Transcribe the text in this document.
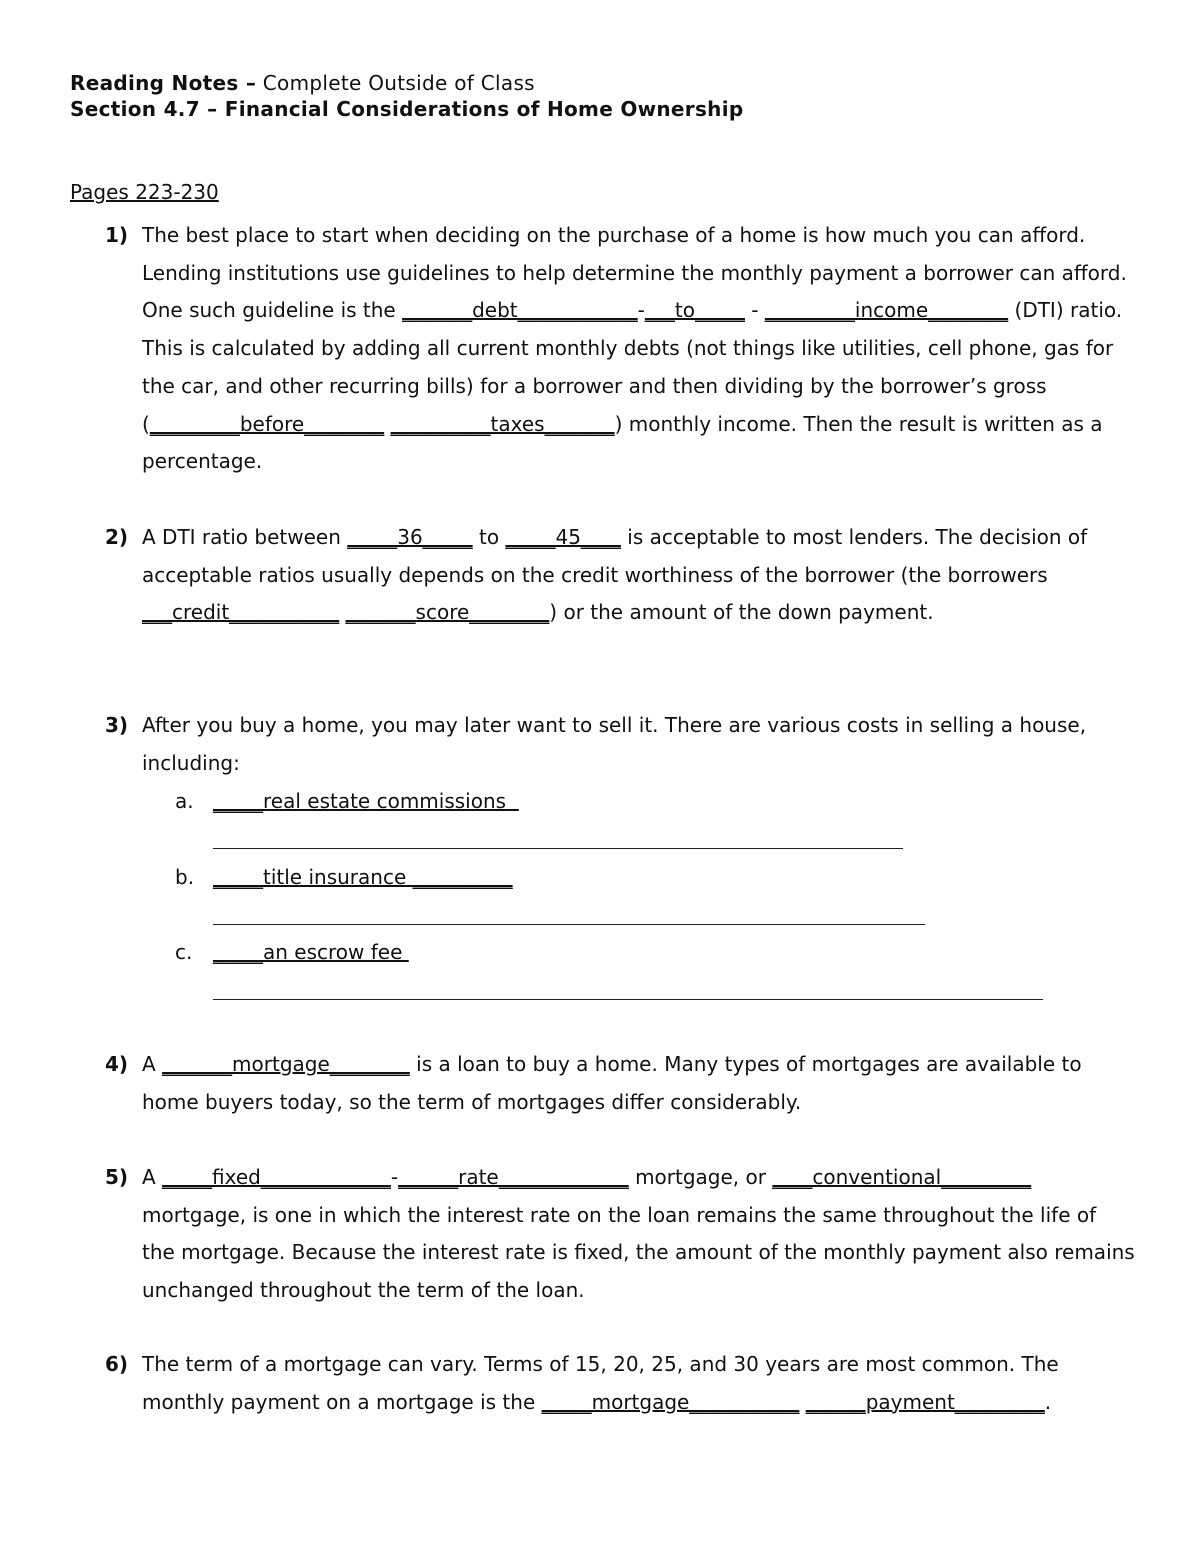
Reading Notes – Complete Outside of Class
Section 4.7 – Financial Considerations of Home Ownership
Pages 223-230
1) The best place to start when deciding on the purchase of a home is how much you can afford. Lending institutions use guidelines to help determine the monthly payment a borrower can afford. One such guideline is the _______debt____________-___to_____ - _________income________ (DTI) ratio. This is calculated by adding all current monthly debts (not things like utilities, cell phone, gas for the car, and other recurring bills) for a borrower and then dividing by the borrower’s gross (_________before________ __________taxes_______) monthly income. Then the result is written as a percentage.
2) A DTI ratio between _____36_____ to _____45____ is acceptable to most lenders. The decision of acceptable ratios usually depends on the credit worthiness of the borrower (the borrowers ___credit___________ _______score________) or the amount of the down payment.
3) After you buy a home, you may later want to sell it. There are various costs in selling a house, including:
a. _____real estate commissions
b. _____title insurance __________
c. _____an escrow fee
4) A _______mortgage________ is a loan to buy a home. Many types of mortgages are available to home buyers today, so the term of mortgages differ considerably.
5) A _____fixed_____________-______rate_____________ mortgage, or ____conventional_________ mortgage, is one in which the interest rate on the loan remains the same throughout the life of the mortgage. Because the interest rate is fixed, the amount of the monthly payment also remains unchanged throughout the term of the loan.
6) The term of a mortgage can vary. Terms of 15, 20, 25, and 30 years are most common. The monthly payment on a mortgage is the _____mortgage___________ ______payment_________.
